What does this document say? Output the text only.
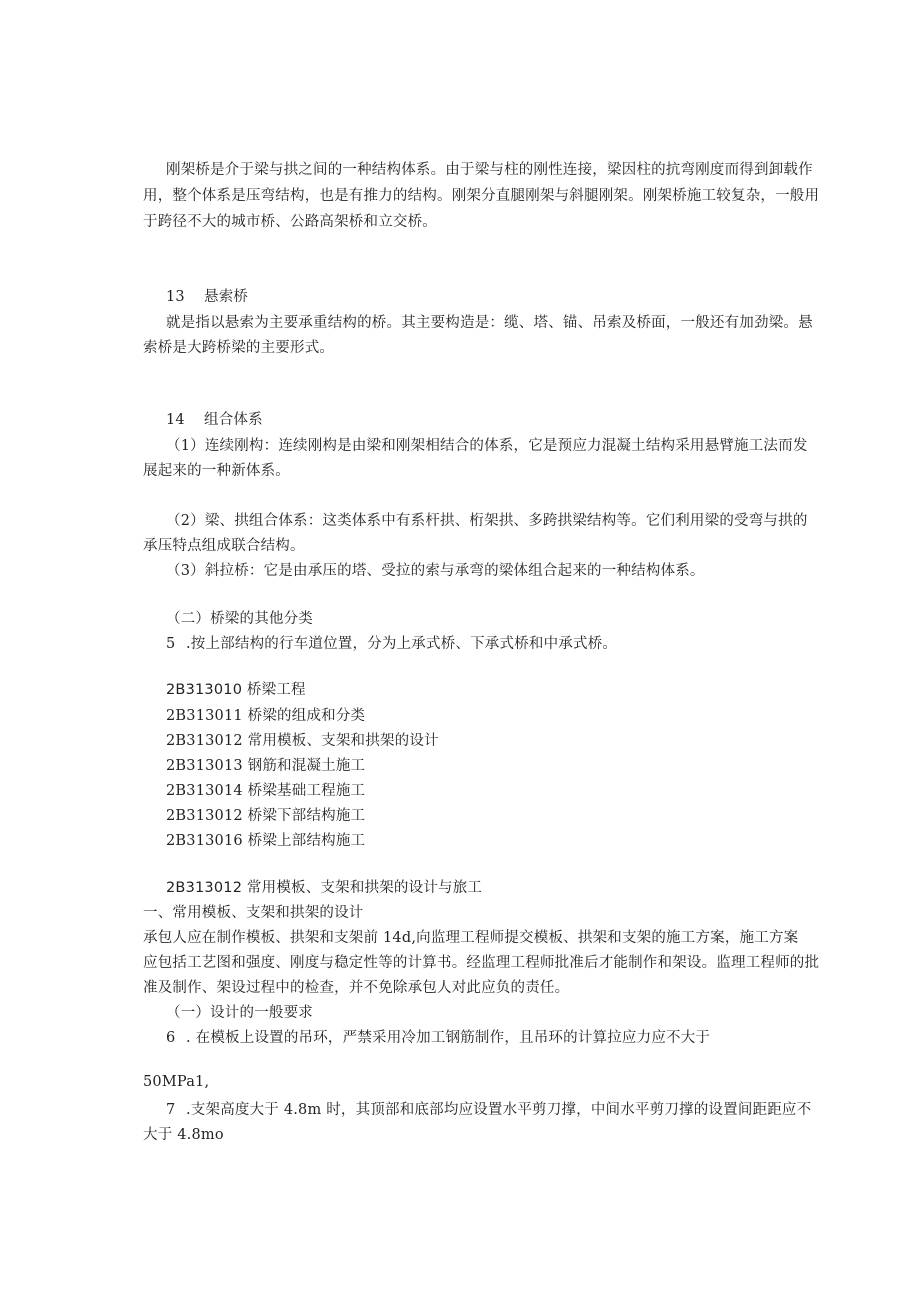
刚架桥是介于梁与拱之间的一种结构体系。由于梁与柱的刚性连接，梁因柱的抗弯刚度而得到卸载作
用，整个体系是压弯结构，也是有推力的结构。刚架分直腿刚架与斜腿刚架。刚架桥施工较复杂，一般用
于跨径不大的城市桥、公路高架桥和立交桥。
13 悬索桥
就是指以悬索为主要承重结构的桥。其主要构造是：缆、塔、锚、吊索及桥面，一般还有加劲梁。悬
索桥是大跨桥梁的主要形式。
14 组合体系
（1）连续刚构：连续刚构是由梁和刚架相结合的体系，它是预应力混凝土结构采用悬臂施工法而发
展起来的一种新体系。
（2）梁、拱组合体系：这类体系中有系杆拱、桁架拱、多跨拱梁结构等。它们利用梁的受弯与拱的
承压特点组成联合结构。
（3）斜拉桥：它是由承压的塔、受拉的索与承弯的梁体组合起来的一种结构体系。
（二）桥梁的其他分类
5 .按上部结构的行车道位置，分为上承式桥、下承式桥和中承式桥。
2B313010 桥梁工程
2B313011 桥梁的组成和分类
2B313012 常用模板、支架和拱架的设计
2B313013 钢筋和混凝土施工
2B313014 桥梁基础工程施工
2B313012 桥梁下部结构施工
2B313016 桥梁上部结构施工
2B313012 常用模板、支架和拱架的设计与旅工
一、常用模板、支架和拱架的设计
承包人应在制作模板、拱架和支架前 14d,向监理工程师提交模板、拱架和支架的施工方案，施工方案
应包括工艺图和强度、刚度与稳定性等的计算书。经监理工程师批准后才能制作和架设。监理工程师的批
准及制作、架设过程中的检查，并不免除承包人对此应负的责任。
（一）设计的一般要求
6 . 在模板上设置的吊环，严禁采用冷加工钢筋制作，且吊环的计算拉应力应不大于
50MPa1,
7 .支架高度大于 4.8m 时，其顶部和底部均应设置水平剪刀撑，中间水平剪刀撑的设置间距距应不
大于 4.8mo
